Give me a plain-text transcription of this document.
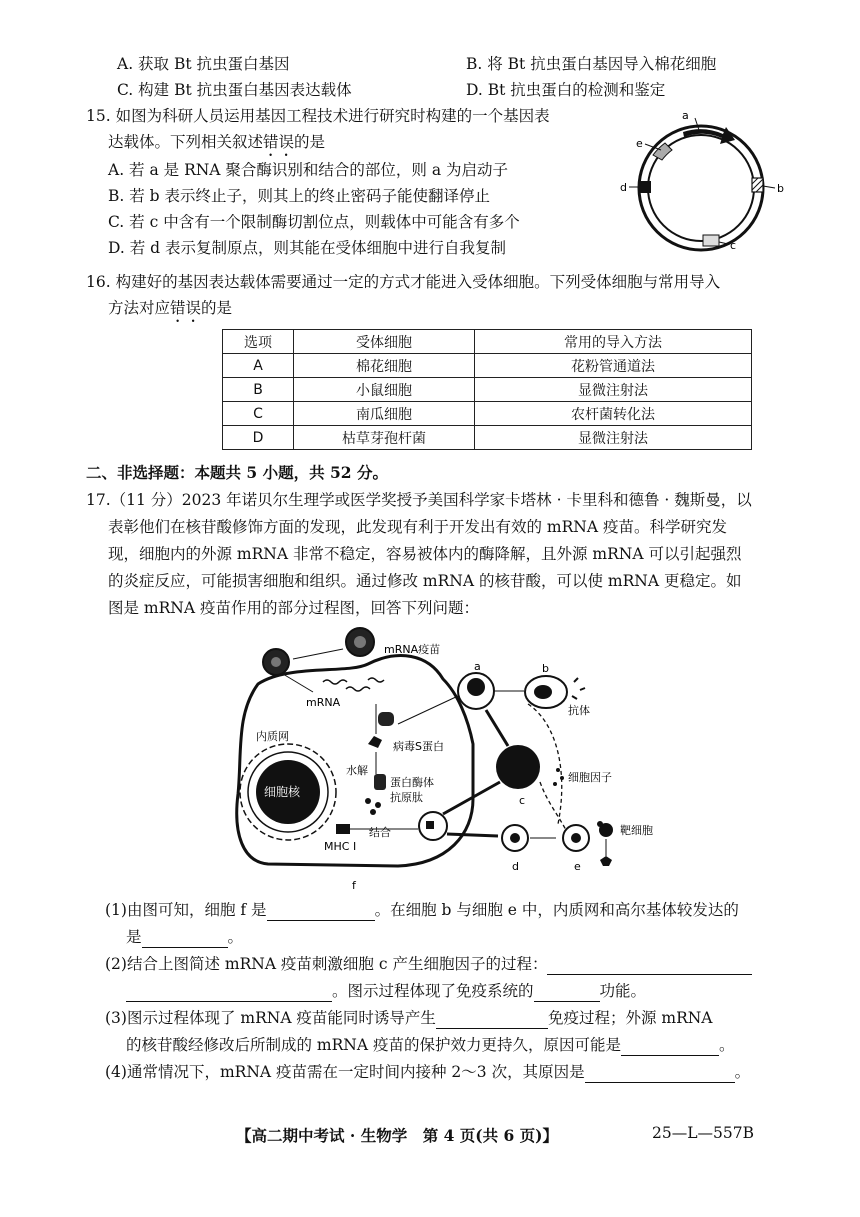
A. 获取 Bt 抗虫蛋白基因	B. 将 Bt 抗虫蛋白基因导入棉花细胞
C. 构建 Bt 抗虫蛋白基因表达载体	D. Bt 抗虫蛋白的检测和鉴定
15. 如图为科研人员运用基因工程技术进行研究时构建的一个基因表
达载体。下列相关叙述错误的是
A. 若 a 是 RNA 聚合酶识别和结合的部位，则 a 为启动子
B. 若 b 表示终止子，则其上的终止密码子能使翻译停止
C. 若 c 中含有一个限制酶切割位点，则载体中可能含有多个
D. 若 d 表示复制原点，则其能在受体细胞中进行自我复制
a
e
d	b
c
16. 构建好的基因表达载体需要通过一定的方式才能进入受体细胞。下列受体细胞与常用导入
方法对应错误的是
选项	受体细胞	常用的导入方法
A	棉花细胞	花粉管通道法
B	小鼠细胞	显微注射法
C	南瓜细胞	农杆菌转化法
D	枯草芽孢杆菌	显微注射法
二、非选择题：本题共 5 小题，共 52 分。
17.（11 分）2023 年诺贝尔生理学或医学奖授予美国科学家卡塔林 · 卡里科和德鲁 · 魏斯曼，以
表彰他们在核苷酸修饰方面的发现，此发现有利于开发出有效的 mRNA 疫苗。科学研究发
现，细胞内的外源 mRNA 非常不稳定，容易被体内的酶降解，且外源 mRNA 可以引起强烈
的炎症反应，可能损害细胞和组织。通过修改 mRNA 的核苷酸，可以使 mRNA 更稳定。如
图是 mRNA 疫苗作用的部分过程图，回答下列问题：
mRNA疫苗
mRNA
病毒S蛋白
水解
蛋白酶体
抗原肽
结合
细胞核
内质网
MHC Ⅰ
a	b
抗体
c
细胞因子
d	e
靶细胞
f
(1)由图可知，细胞 f 是	。在细胞 b 与细胞 e 中，内质网和高尔基体较发达的
是	。
(2)结合上图简述 mRNA 疫苗刺激细胞 c 产生细胞因子的过程：
。图示过程体现了免疫系统的	功能。
(3)图示过程体现了 mRNA 疫苗能同时诱导产生	免疫过程；外源 mRNA
的核苷酸经修改后所制成的 mRNA 疫苗的保护效力更持久，原因可能是	。
(4)通常情况下，mRNA 疫苗需在一定时间内接种 2～3 次，其原因是	。
【高二期中考试 · 生物学　第 4 页(共 6 页)】	25—L—557B
